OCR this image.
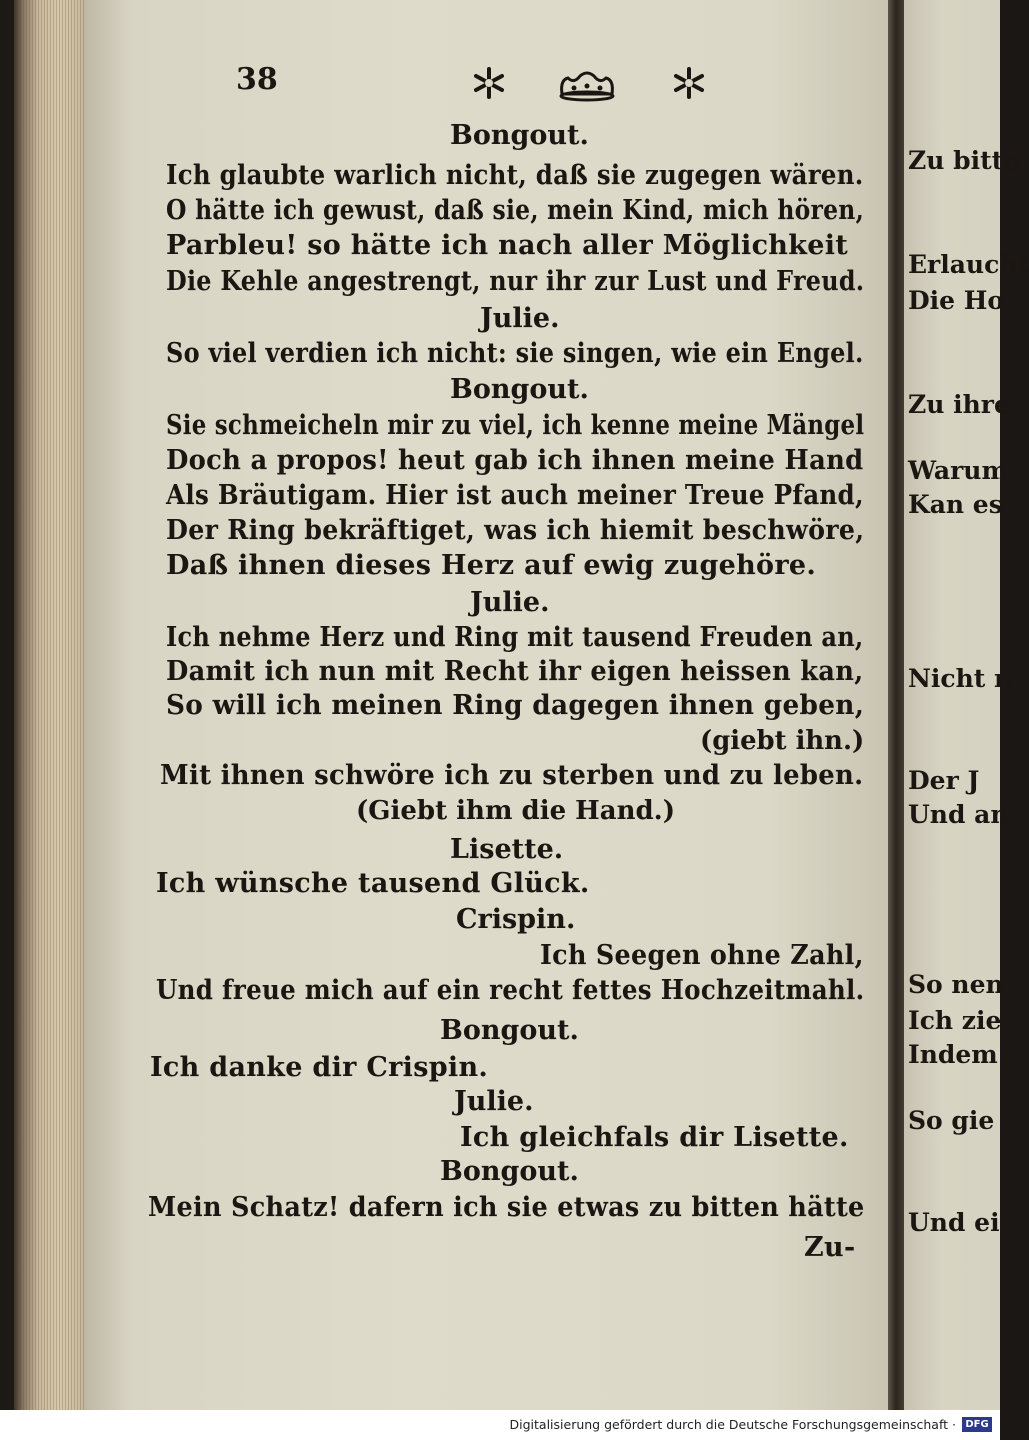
38
Bongout.
Ich glaubte warlich nicht, daß sie zugegen wären.
O hätte ich gewust, daß sie, mein Kind, mich hören,
Parbleu! so hätte ich nach aller Möglichkeit
Die Kehle angestrengt, nur ihr zur Lust und Freud.
Julie.
So viel verdien ich nicht: sie singen, wie ein Engel.
Bongout.
Sie schmeicheln mir zu viel, ich kenne meine Mängel
Doch a propos! heut gab ich ihnen meine Hand
Als Bräutigam. Hier ist auch meiner Treue Pfand,
Der Ring bekräftiget, was ich hiemit beschwöre,
Daß ihnen dieses Herz auf ewig zugehöre.
Julie.
Ich nehme Herz und Ring mit tausend Freuden an,
Damit ich nun mit Recht ihr eigen heissen kan,
So will ich meinen Ring dagegen ihnen geben,
(giebt ihn.)
Mit ihnen schwöre ich zu sterben und zu leben.
(Giebt ihm die Hand.)
Lisette.
Ich wünsche tausend Glück.
Crispin.
Ich Seegen ohne Zahl,
Und freue mich auf ein recht fettes Hochzeitmahl.
Bongout.
Ich danke dir Crispin.
Julie.
Ich gleichfals dir Lisette.
Bongout.
Mein Schatz! dafern ich sie etwas zu bitten hätte
Zu-
Zu bitte
Erlaucht
Die Ho
Zu ihre
Warum
Kan es
Nicht n
Der J
Und an
So nen
Ich zie
Indem
So gie
Und ei
Digitalisierung gefördert durch die Deutsche Forschungsgemeinschaft · DFG
